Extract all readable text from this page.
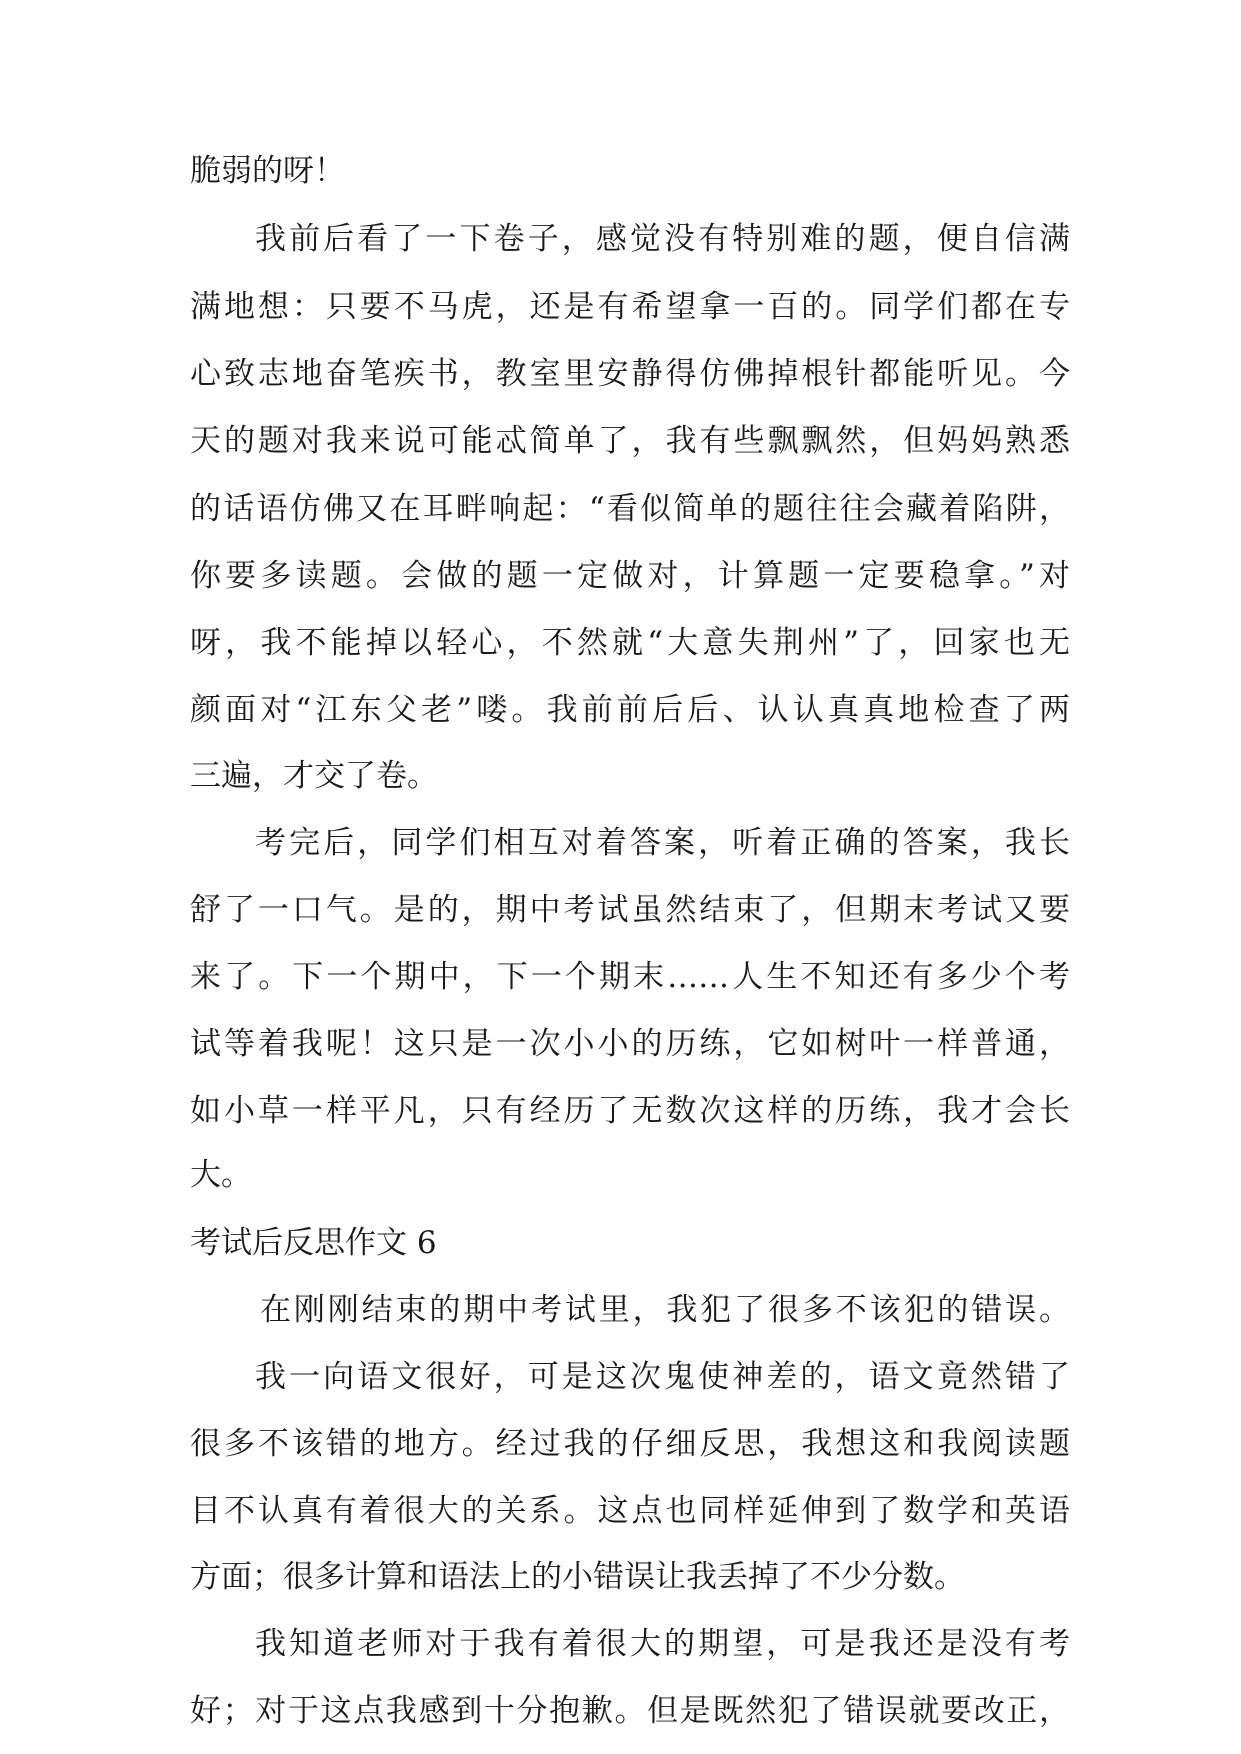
脆弱的呀！
我前后看了一下卷子，感觉没有特别难的题，便自信满
满地想：只要不马虎，还是有希望拿一百的。同学们都在专
心致志地奋笔疾书，教室里安静得仿佛掉根针都能听见。今
天的题对我来说可能忒简单了，我有些飘飘然，但妈妈熟悉
的话语仿佛又在耳畔响起：“看似简单的题往往会藏着陷阱，
你要多读题。会做的题一定做对，计算题一定要稳拿。”对
呀，我不能掉以轻心，不然就“大意失荆州”了，回家也无
颜面对“江东父老”喽。我前前后后、认认真真地检查了两
三遍，才交了卷。
考完后，同学们相互对着答案，听着正确的答案，我长
舒了一口气。是的，期中考试虽然结束了，但期末考试又要
来了。下一个期中，下一个期末……人生不知还有多少个考
试等着我呢！这只是一次小小的历练，它如树叶一样普通，
如小草一样平凡，只有经历了无数次这样的历练，我才会长
大。
考试后反思作文 6
在刚刚结束的期中考试里，我犯了很多不该犯的错误。
我一向语文很好，可是这次鬼使神差的，语文竟然错了
很多不该错的地方。经过我的仔细反思，我想这和我阅读题
目不认真有着很大的关系。这点也同样延伸到了数学和英语
方面；很多计算和语法上的小错误让我丢掉了不少分数。
我知道老师对于我有着很大的期望，可是我还是没有考
好；对于这点我感到十分抱歉。但是既然犯了错误就要改正，
